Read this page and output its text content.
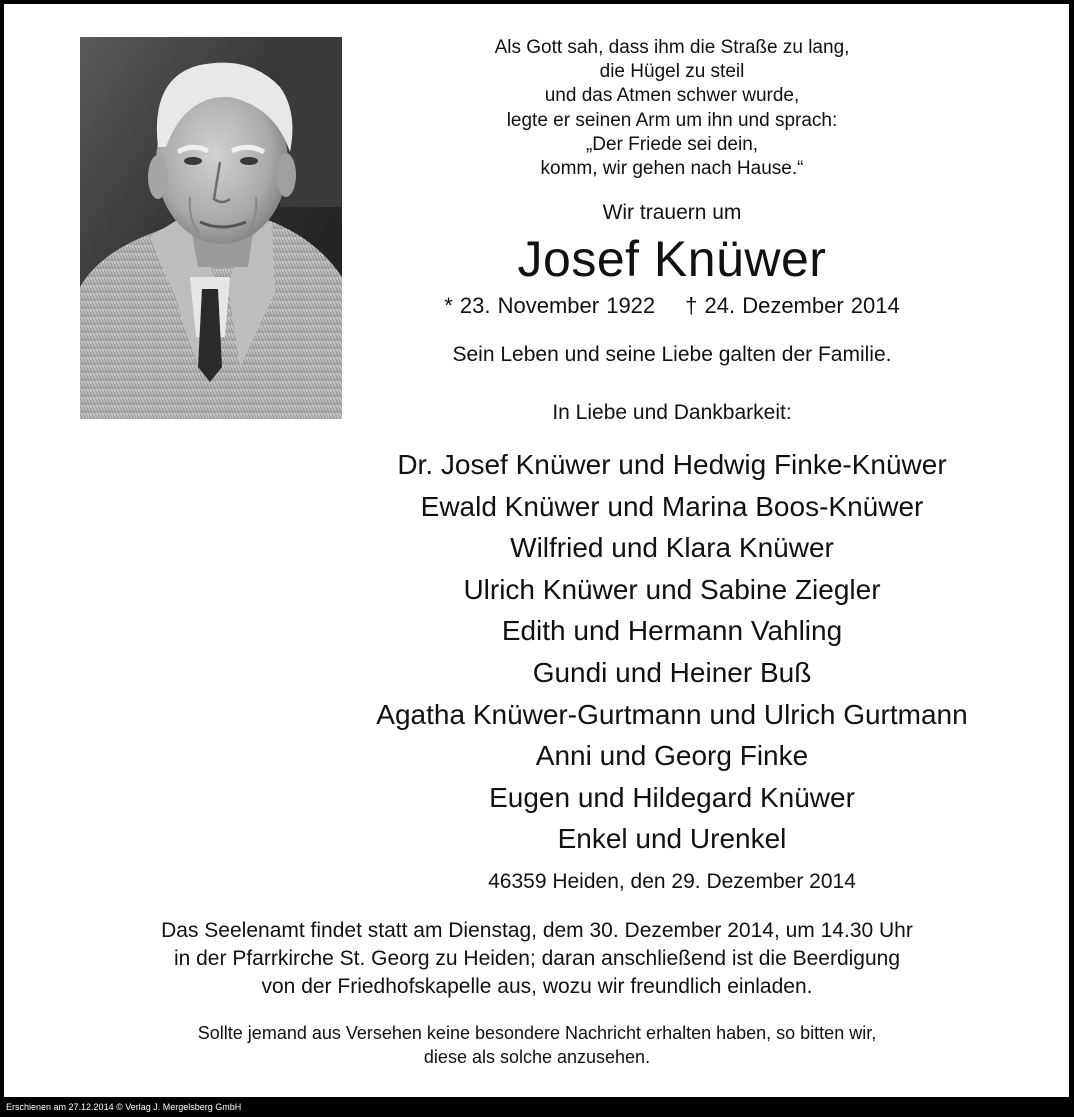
Als Gott sah, dass ihm die Straße zu lang,
die Hügel zu steil
und das Atmen schwer wurde,
legte er seinen Arm um ihn und sprach:
„Der Friede sei dein,
komm, wir gehen nach Hause.“
Wir trauern um
Josef Knüwer
* 23. November 1922 † 24. Dezember 2014
Sein Leben und seine Liebe galten der Familie.
In Liebe und Dankbarkeit:
Dr. Josef Knüwer und Hedwig Finke-Knüwer
Ewald Knüwer und Marina Boos-Knüwer
Wilfried und Klara Knüwer
Ulrich Knüwer und Sabine Ziegler
Edith und Hermann Vahling
Gundi und Heiner Buß
Agatha Knüwer-Gurtmann und Ulrich Gurtmann
Anni und Georg Finke
Eugen und Hildegard Knüwer
Enkel und Urenkel
46359 Heiden, den 29. Dezember 2014
Das Seelenamt findet statt am Dienstag, dem 30. Dezember 2014, um 14.30 Uhr
in der Pfarrkirche St. Georg zu Heiden; daran anschließend ist die Beerdigung
von der Friedhofskapelle aus, wozu wir freundlich einladen.
Sollte jemand aus Versehen keine besondere Nachricht erhalten haben, so bitten wir,
diese als solche anzusehen.
Erschienen am 27.12.2014 © Verlag J. Mergelsberg GmbH
